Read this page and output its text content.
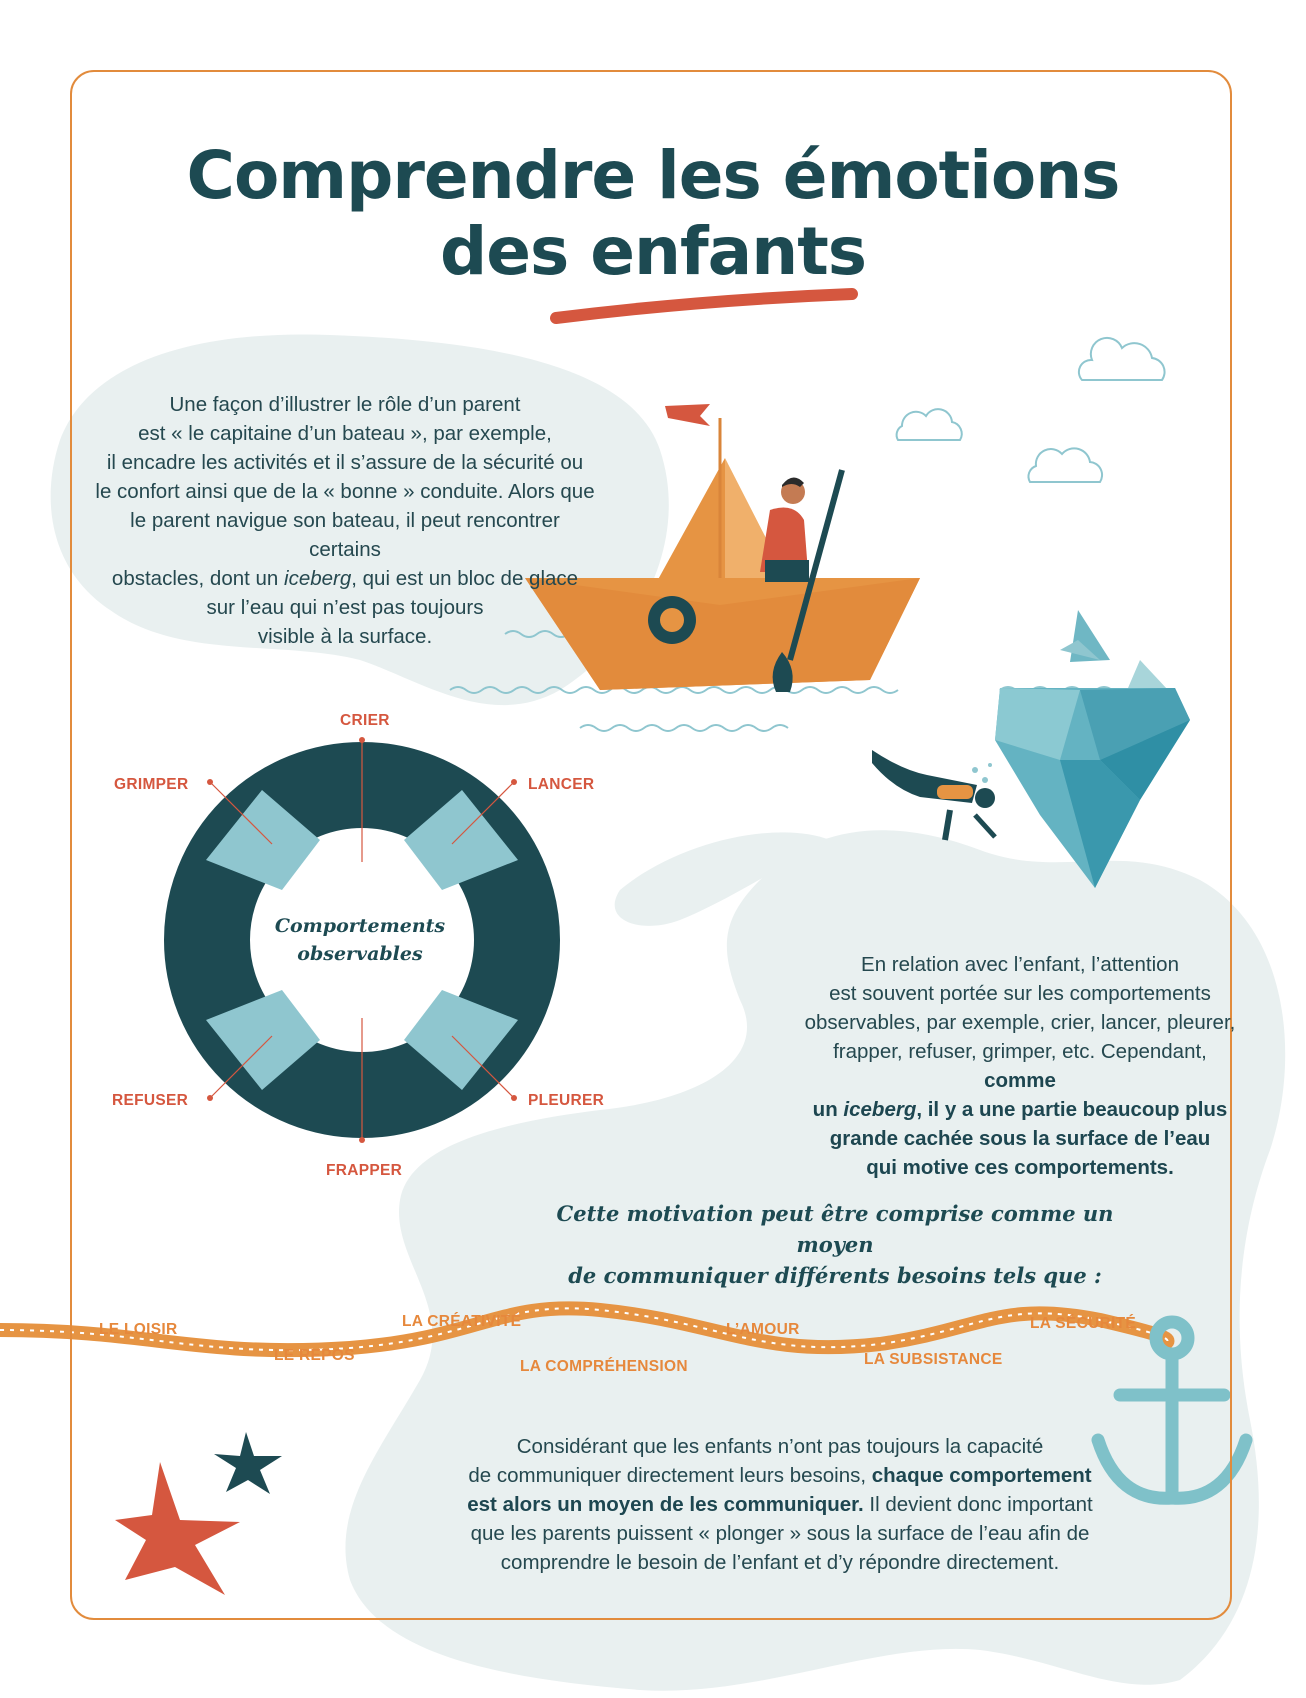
Comprendre les émotions
des enfants
Une façon d’illustrer le rôle d’un parent
est « le capitaine d’un bateau », par exemple,
il encadre les activités et il s’assure de la sécurité ou
le confort ainsi que de la « bonne » conduite. Alors que
le parent navigue son bateau, il peut rencontrer certains
obstacles, dont un iceberg, qui est un bloc de glace
sur l’eau qui n’est pas toujours
visible à la surface.
Comportements
observables
CRIER
LANCER
PLEURER
FRAPPER
REFUSER
GRIMPER
En relation avec l’enfant, l’attention
est souvent portée sur les comportements
observables, par exemple, crier, lancer, pleurer,
frapper, refuser, grimper, etc. Cependant, comme
un iceberg, il y a une partie beaucoup plus
grande cachée sous la surface de l’eau
qui motive ces comportements.
Cette motivation peut être comprise comme un moyen
de communiquer différents besoins tels que :
LE LOISIR
LE REPOS
LA CRÉATIVITÉ
LA COMPRÉHENSION
L’AMOUR
LA SUBSISTANCE
LA SÉCURITÉ
Considérant que les enfants n’ont pas toujours la capacité
de communiquer directement leurs besoins, chaque comportement
est alors un moyen de les communiquer. Il devient donc important
que les parents puissent « plonger » sous la surface de l’eau afin de
comprendre le besoin de l’enfant et d’y répondre directement.
